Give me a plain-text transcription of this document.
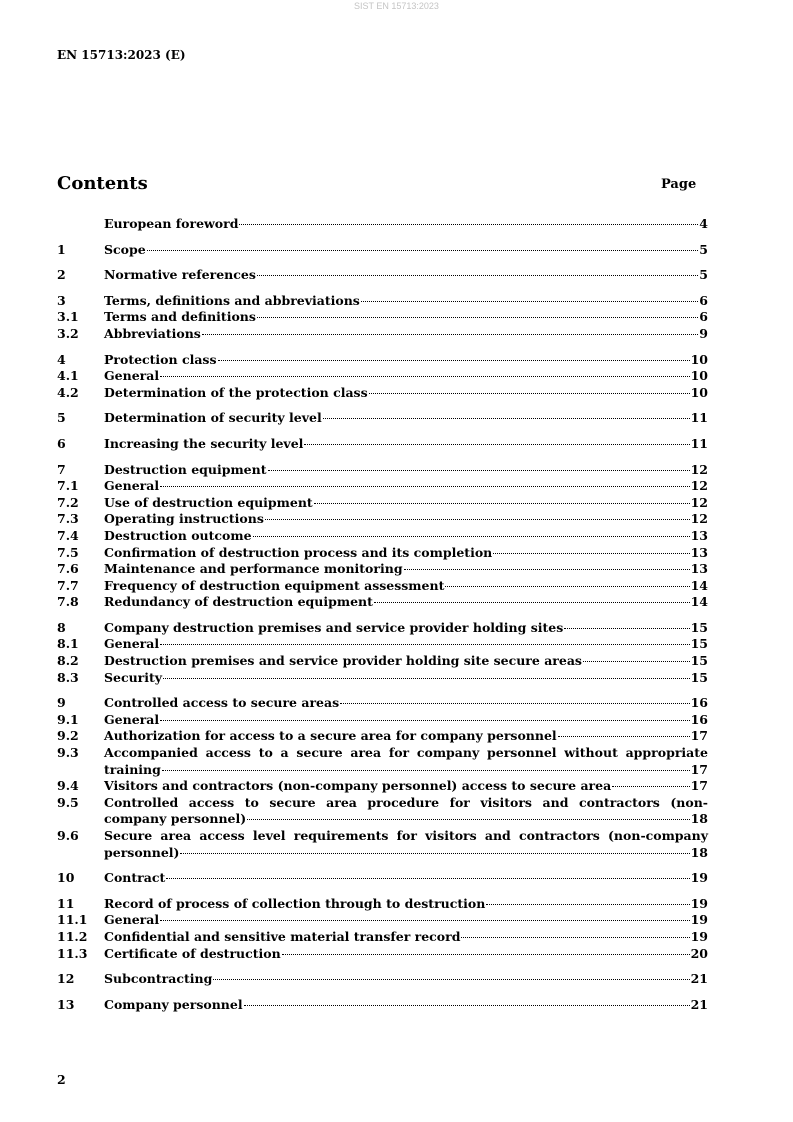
SIST EN 15713:2023
EN 15713:2023 (E)
Contents	Page
European foreword	4
1	Scope	5
2	Normative references	5
3	Terms, definitions and abbreviations	6
3.1	Terms and definitions	6
3.2	Abbreviations	9
4	Protection class	10
4.1	General	10
4.2	Determination of the protection class	10
5	Determination of security level	11
6	Increasing the security level	11
7	Destruction equipment	12
7.1	General	12
7.2	Use of destruction equipment	12
7.3	Operating instructions	12
7.4	Destruction outcome	13
7.5	Confirmation of destruction process and its completion	13
7.6	Maintenance and performance monitoring	13
7.7	Frequency of destruction equipment assessment	14
7.8	Redundancy of destruction equipment	14
8	Company destruction premises and service provider holding sites	15
8.1	General	15
8.2	Destruction premises and service provider holding site secure areas	15
8.3	Security	15
9	Controlled access to secure areas	16
9.1	General	16
9.2	Authorization for access to a secure area for company personnel	17
9.3	Accompanied access to a secure area for company personnel without appropriate
training	17
9.4	Visitors and contractors (non-company personnel) access to secure area	17
9.5	Controlled access to secure area procedure for visitors and contractors (non-
company personnel)	18
9.6	Secure area access level requirements for visitors and contractors (non-company
personnel)	18
10	Contract	19
11	Record of process of collection through to destruction	19
11.1	General	19
11.2	Confidential and sensitive material transfer record	19
11.3	Certificate of destruction	20
12	Subcontracting	21
13	Company personnel	21
2
